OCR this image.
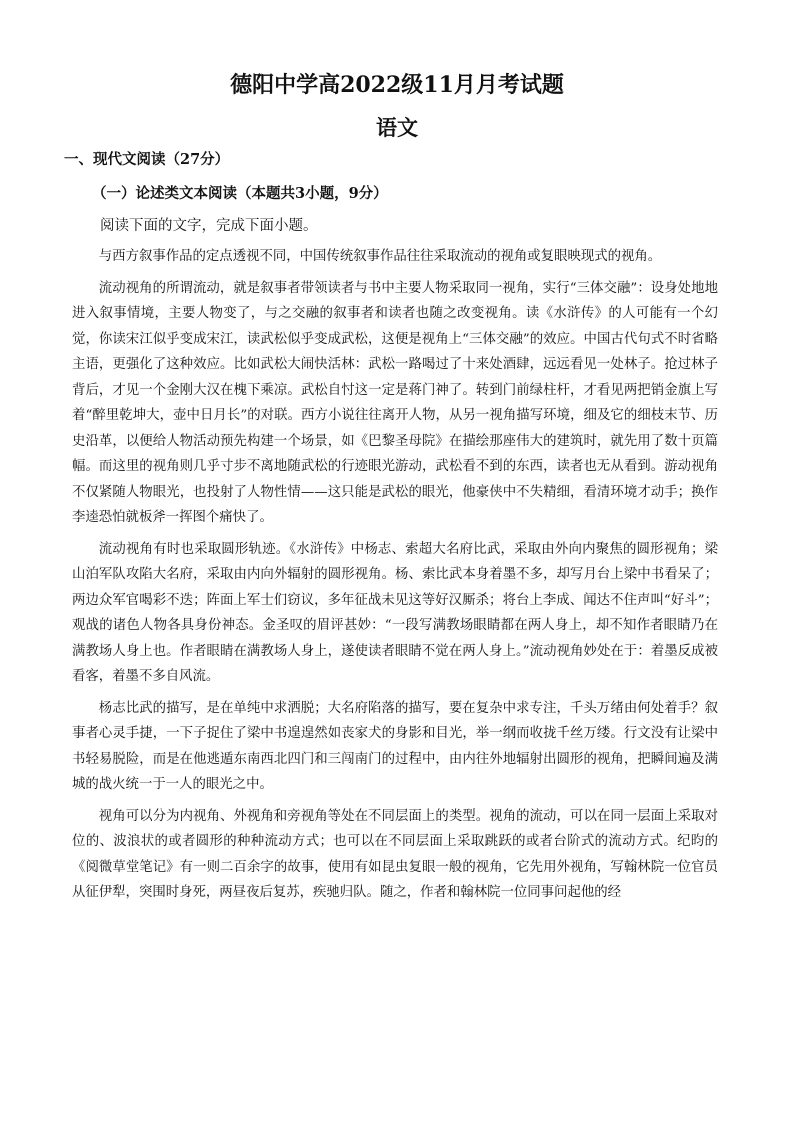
德阳中学高2022级11月月考试题
语文
一、现代文阅读（27分）
（一）论述类文本阅读（本题共3小题，9分）
阅读下面的文字，完成下面小题。

与西方叙事作品的定点透视不同，中国传统叙事作品往往采取流动的视角或复眼映现式的视角。

流动视角的所谓流动，就是叙事者带领读者与书中主要人物采取同一视角，实行“三体交融”：设身处地地进入叙事情境，主要人物变了，与之交融的叙事者和读者也随之改变视角。读《水浒传》的人可能有一个幻觉，你读宋江似乎变成宋江，读武松似乎变成武松，这便是视角上“三体交融”的效应。中国古代句式不时省略主语，更强化了这种效应。比如武松大闹快活林：武松一路喝过了十来处酒肆，远远看见一处林子。抢过林子背后，才见一个金刚大汉在槐下乘凉。武松自忖这一定是蒋门神了。转到门前绿柱杆，才看见两把销金旗上写着“醉里乾坤大，壶中日月长”的对联。西方小说往往离开人物，从另一视角描写环境，细及它的细枝末节、历史沿革，以便给人物活动预先构建一个场景，如《巴黎圣母院》在描绘那座伟大的建筑时，就先用了数十页篇幅。而这里的视角则几乎寸步不离地随武松的行迹眼光游动，武松看不到的东西，读者也无从看到。游动视角不仅紧随人物眼光，也投射了人物性情——这只能是武松的眼光，他豪侠中不失精细，看清环境才动手；换作李逵恐怕就板斧一挥图个痛快了。

流动视角有时也采取圆形轨迹。《水浒传》中杨志、索超大名府比武，采取由外向内聚焦的圆形视角；梁山泊军队攻陷大名府，采取由内向外辐射的圆形视角。杨、索比武本身着墨不多，却写月台上梁中书看呆了；两边众军官喝彩不迭；阵面上军士们窃议，多年征战未见这等好汉厮杀；将台上李成、闻达不住声叫“好斗”；观战的诸色人物各具身份神态。金圣叹的眉评甚妙：“一段写满教场眼睛都在两人身上，却不知作者眼睛乃在满教场人身上也。作者眼睛在满教场人身上，遂使读者眼睛不觉在两人身上。”流动视角妙处在于：着墨反成被看客，着墨不多自风流。

杨志比武的描写，是在单纯中求洒脱；大名府陷落的描写，要在复杂中求专注，千头万绪由何处着手？叙事者心灵手捷，一下子捉住了梁中书遑遑然如丧家犬的身影和目光，举一纲而收拢千丝万缕。行文没有让梁中书轻易脱险，而是在他逃遁东南西北四门和三闯南门的过程中，由内往外地辐射出圆形的视角，把瞬间遍及满城的战火统一于一人的眼光之中。

视角可以分为内视角、外视角和旁视角等处在不同层面上的类型。视角的流动，可以在同一层面上采取对位的、波浪状的或者圆形的种种流动方式；也可以在不同层面上采取跳跃的或者台阶式的流动方式。纪昀的《阅微草堂笔记》有一则二百余字的故事，使用有如昆虫复眼一般的视角，它先用外视角，写翰林院一位官员从征伊犁，突围时身死，两昼夜后复苏，疾驰归队。随之，作者和翰林院一位同事问起他的经
